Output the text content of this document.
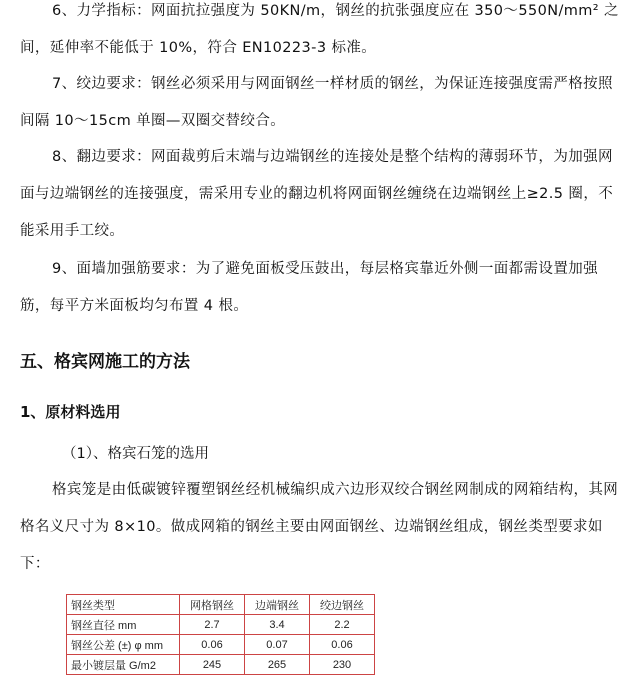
6、力学指标：网面抗拉强度为 50KN/m，钢丝的抗张强度应在 350～550N/mm² 之间，延伸率不能低于 10%，符合 EN10223-3 标准。

7、绞边要求：钢丝必须采用与网面钢丝一样材质的钢丝，为保证连接强度需严格按照间隔 10～15cm 单圈—双圈交替绞合。

8、翻边要求：网面裁剪后末端与边端钢丝的连接处是整个结构的薄弱环节，为加强网面与边端钢丝的连接强度，需采用专业的翻边机将网面钢丝缠绕在边端钢丝上≥2.5 圈，不能采用手工绞。

9、面墙加强筋要求：为了避免面板受压鼓出，每层格宾靠近外侧一面都需设置加强筋，每平方米面板均匀布置 4 根。

五、格宾网施工的方法
1、原材料选用

（1）、格宾石笼的选用

格宾笼是由低碳镀锌覆塑钢丝经机械编织成六边形双绞合钢丝网制成的网箱结构，其网格名义尺寸为 8×10。做成网箱的钢丝主要由网面钢丝、边端钢丝组成，钢丝类型要求如下：

钢丝类型	网格钢丝	边端钢丝	绞边钢丝
钢丝直径 mm	2.7	3.4	2.2
钢丝公差 (±) φ mm	0.06	0.07	0.06
最小镀层量 G/m2	245	265	230
